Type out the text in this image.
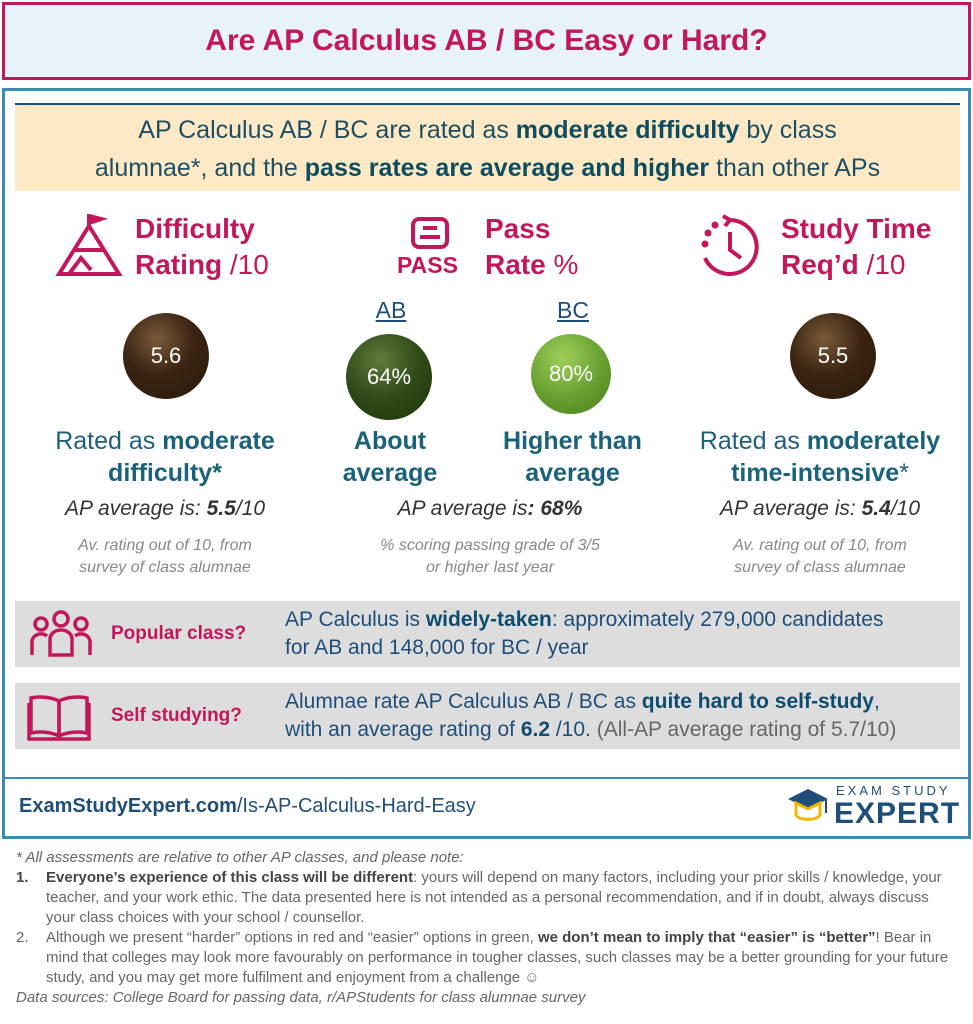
Are AP Calculus AB / BC Easy or Hard?
AP Calculus AB / BC are rated as moderate difficulty by class
alumnae*, and the pass rates are average and higher than other APs
Difficulty
Rating /10	PASS
Pass
Rate %
Study Time
Req’d /10
AB	BC
5.6
64%	80%
5.5
Rated as moderate
difficulty*
About
average
Higher than
average
Rated as moderately
time-intensive*
AP average is: 5.5/10	AP average is: 68%	AP average is: 5.4/10
Av. rating out of 10, from
survey of class alumnae
% scoring passing grade of 3/5
or higher last year
Av. rating out of 10, from
survey of class alumnae
Popular class?
AP Calculus is widely-taken: approximately 279,000 candidates
for AB and 148,000 for BC / year
Self studying?
Alumnae rate AP Calculus AB / BC as quite hard to self-study,
with an average rating of 6.2 /10. (All-AP average rating of 5.7/10)
ExamStudyExpert.com/Is-AP-Calculus-Hard-Easy
EXAM STUDY
EXPERT
* All assessments are relative to other AP classes, and please note:
1.	Everyone’s experience of this class will be different: yours will depend on many factors, including your prior skills / knowledge, your teacher, and your work ethic. The data presented here is not intended as a personal recommendation, and if in doubt, always discuss your class choices with your school / counsellor.
2.	Although we present “harder” options in red and “easier” options in green, we don’t mean to imply that “easier” is “better”! Bear in mind that colleges may look more favourably on performance in tougher classes, such classes may be a better grounding for your future study, and you may get more fulfilment and enjoyment from a challenge ☺
Data sources: College Board for passing data, r/APStudents for class alumnae survey
